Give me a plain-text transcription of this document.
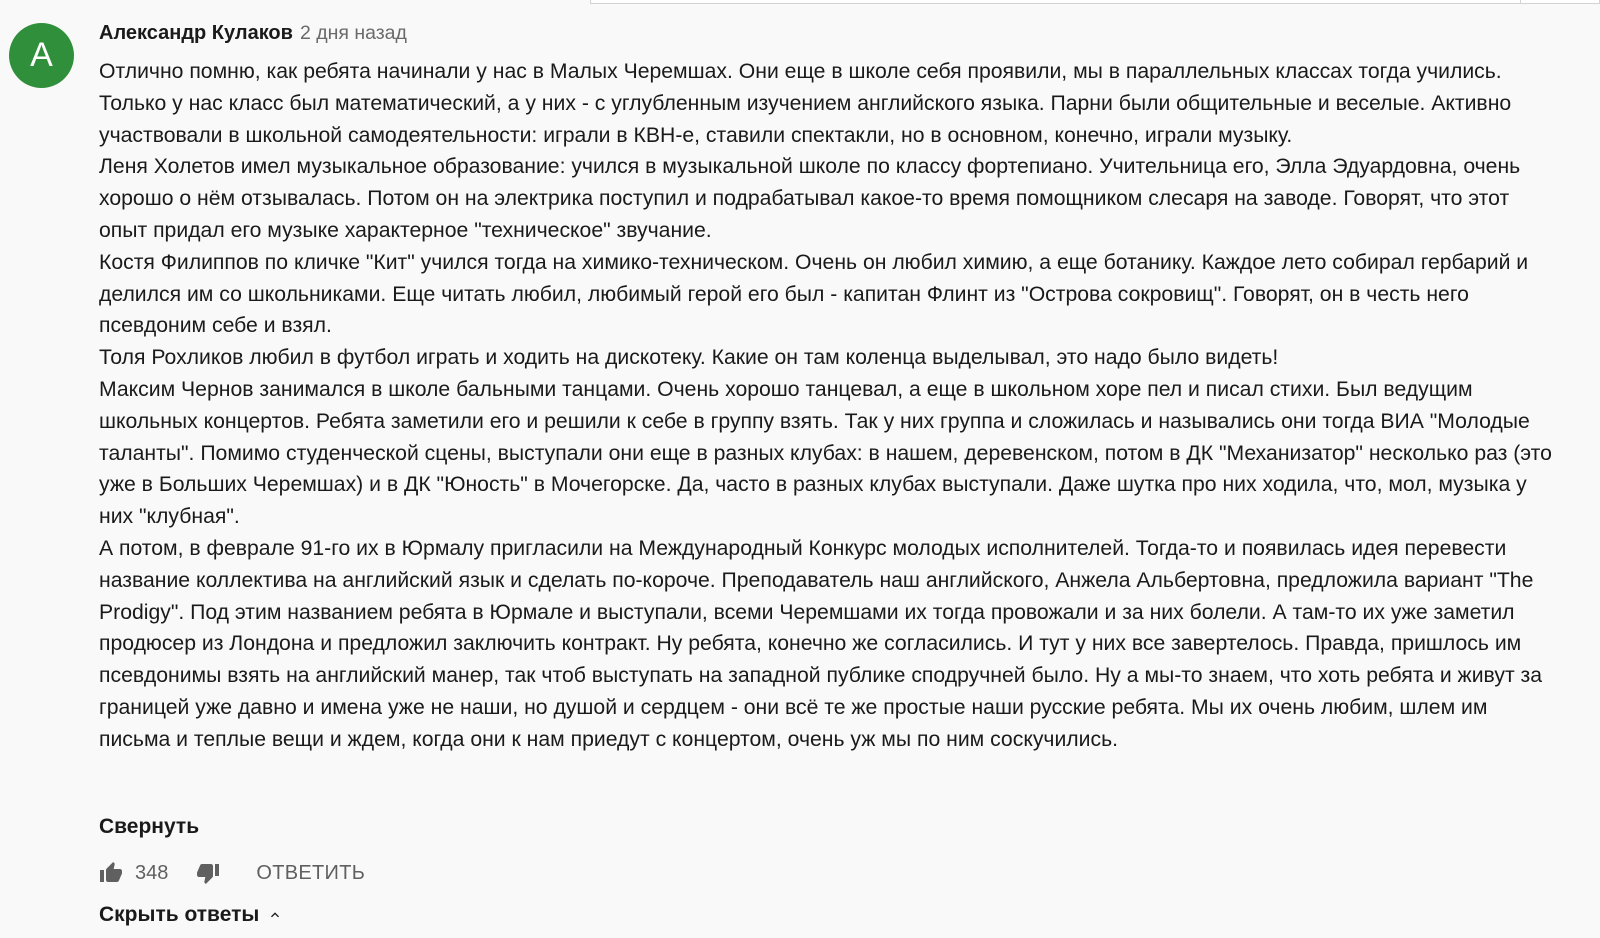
A
Александр Кулаков 2 дня назад

Отлично помню, как ребята начинали у нас в Малых Черемшах. Они еще в школе себя проявили, мы в параллельных классах тогда учились. Только у нас класс был математический, а у них - с углубленным изучением английского языка. Парни были общительные и веселые. Активно участвовали в школьной самодеятельности: играли в КВН-е, ставили спектакли, но в основном, конечно, играли музыку.

Леня Холетов имел музыкальное образование: учился в музыкальной школе по классу фортепиано. Учительница его, Элла Эдуардовна, очень хорошо о нём отзывалась. Потом он на электрика поступил и подрабатывал какое-то время помощником слесаря на заводе. Говорят, что этот опыт придал его музыке характерное "техническое" звучание.

Костя Филиппов по кличке "Кит" учился тогда на химико-техническом. Очень он любил химию, а еще ботанику. Каждое лето собирал гербарий и делился им со школьниками. Еще читать любил, любимый герой его был - капитан Флинт из "Острова сокровищ". Говорят, он в честь него псевдоним себе и взял.

Толя Рохликов любил в футбол играть и ходить на дискотеку. Какие он там коленца выделывал, это надо было видеть!

Максим Чернов занимался в школе бальными танцами. Очень хорошо танцевал, а еще в школьном хоре пел и писал стихи. Был ведущим школьных концертов. Ребята заметили его и решили к себе в группу взять. Так у них группа и сложилась и назывались они тогда ВИА "Молодые таланты". Помимо студенческой сцены, выступали они еще в разных клубах: в нашем, деревенском, потом в ДК "Механизатор" несколько раз (это уже в Больших Черемшах) и в ДК "Юность" в Мочегорске. Да, часто в разных клубах выступали. Даже шутка про них ходила, что, мол, музыка у них "клубная".

А потом, в феврале 91-го их в Юрмалу пригласили на Международный Конкурс молодых исполнителей. Тогда-то и появилась идея перевести название коллектива на английский язык и сделать по-короче. Преподаватель наш английского, Анжела Альбертовна, предложила вариант "The Prodigy". Под этим названием ребята в Юрмале и выступали, всеми Черемшами их тогда провожали и за них болели. А там-то их уже заметил продюсер из Лондона и предложил заключить контракт. Ну ребята, конечно же согласились. И тут у них все завертелось. Правда, пришлось им псевдонимы взять на английский манер, так чтоб выступать на западной публике сподручней было. Ну а мы-то знаем, что хоть ребята и живут за границей уже давно и имена уже не наши, но душой и сердцем - они всё те же простые наши русские ребята. Мы их очень любим, шлем им письма и теплые вещи и ждем, когда они к нам приедут с концертом, очень уж мы по ним соскучились.

Свернуть
348	ОТВЕТИТЬ
Скрыть ответы
